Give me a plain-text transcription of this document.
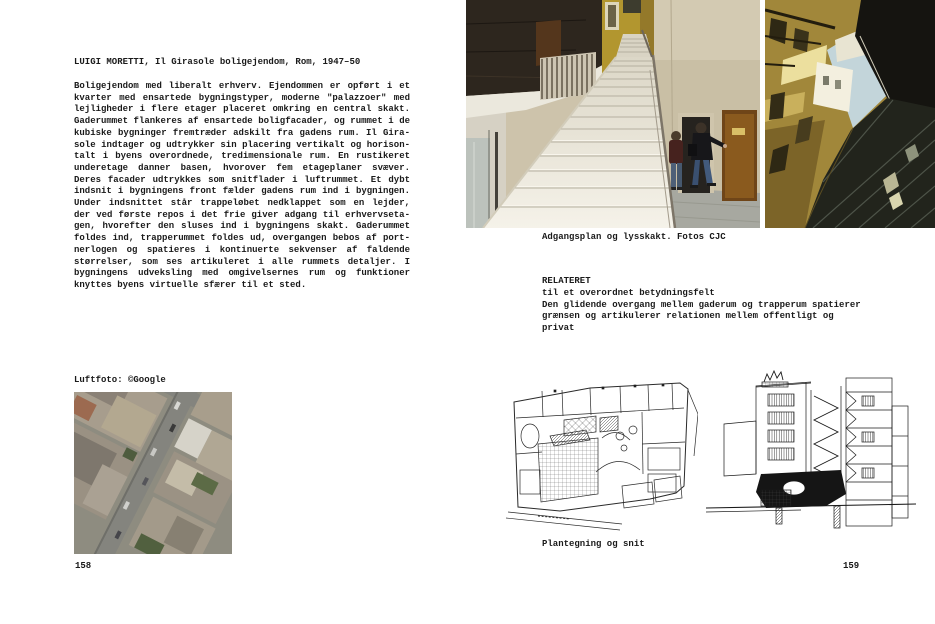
LUIGI MORETTI, Il Girasole boligejendom, Rom, 1947–50
Boligejendom med liberalt erhverv. Ejendommen er opført i et
kvarter med ensartede bygningstyper, moderne "palazzoer" med
lejligheder i flere etager placeret omkring en central skakt.
Gaderummet flankeres af ensartede boligfacader, og rummet i de
kubiske bygninger fremtræder adskilt fra gadens rum. Il Gira-
sole indtager og udtrykker sin placering vertikalt og horison-
talt i byens overordnede, tredimensionale rum. En rustikeret
underetage danner basen, hvorover fem etageplaner svæver.
Deres facader udtrykkes som snitflader i luftrummet. Et dybt
indsnit i bygningens front fælder gadens rum ind i bygningen.
Under indsnittet står trappeløbet nedklappet som en lejder,
der ved første repos i det frie giver adgang til erhvervseta-
gen, hvorefter den sluses ind i bygningens skakt. Gaderummet
foldes ind, trapperummet foldes ud, overgangen bebos af port-
nerlogen og spatieres i kontinuerte sekvenser af faldende
størrelser, som ses artikuleret i alle rummets detaljer. I
bygningens udveksling med omgivelsernes rum og funktioner
knyttes byens virtuelle sfærer til et sted.
Luftfoto: ©Google
158
Adgangsplan og lysskakt. Fotos CJC
RELATERET
til et overordnet betydningsfelt
Den glidende overgang mellem gaderum og trapperum spatierer
grænsen og artikulerer relationen mellem offentligt og
privat
Plantegning og snit
159
